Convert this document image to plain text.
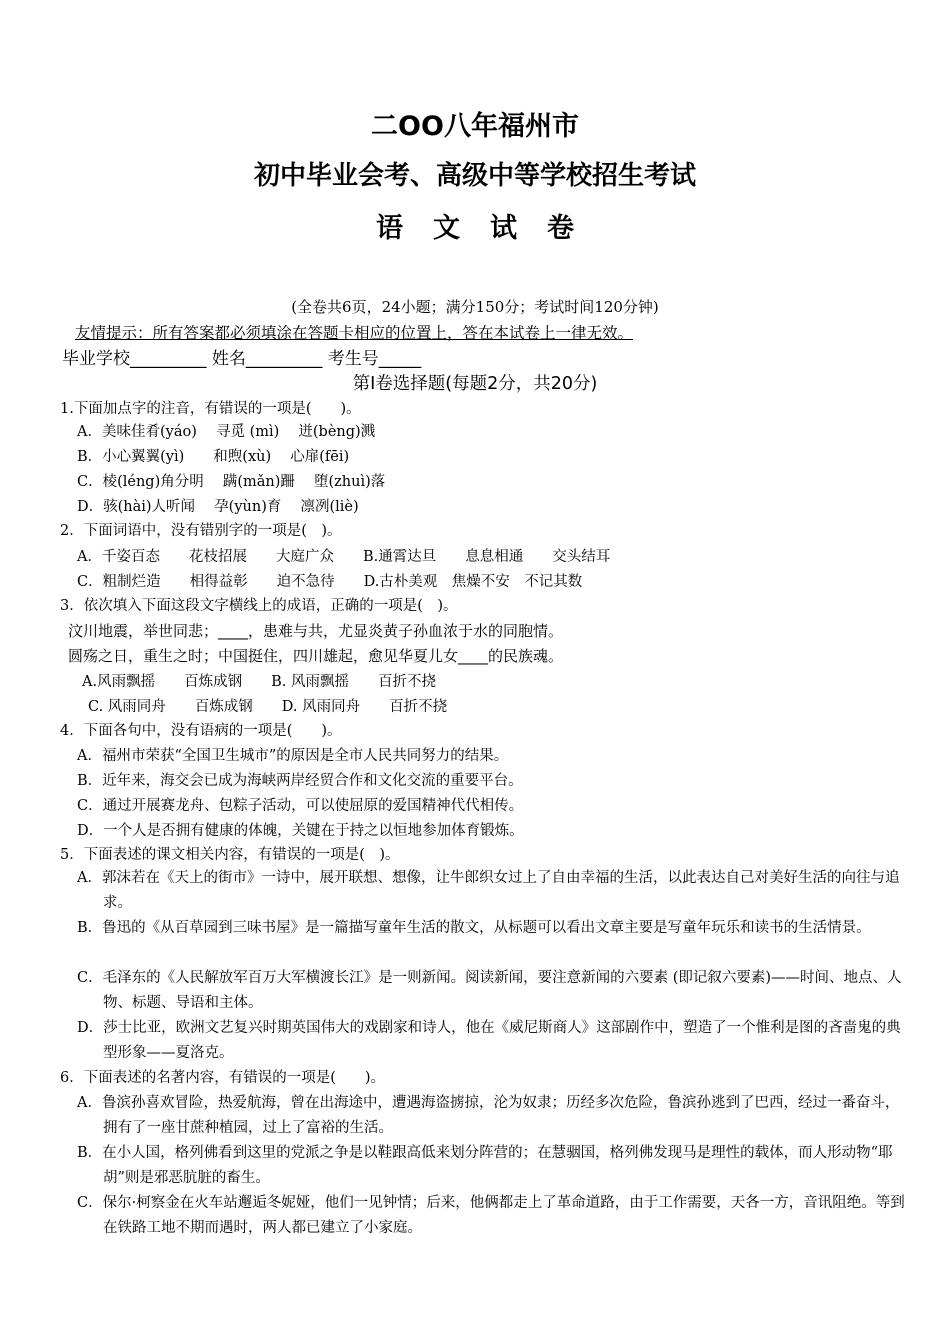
二OO八年福州市
初中毕业会考、高级中等学校招生考试
语文试卷
(全卷共6页，24小题；满分150分；考试时间120分钟)
友情提示：所有答案都必须填涂在答题卡相应的位置上，答在本试卷上一律无效。
毕业学校_________ 姓名_________ 考生号_____
第Ⅰ卷选择题(每题2分，共20分)
1.下面加点字的注音，有错误的一项是(　　)。
A．美味佳肴(yáo)　 寻觅 (mì)　 迸(bèng)溅
B．小心翼翼(yì)　　和煦(xù)　 心扉(fēi)
C．棱(léng)角分明　 蹒(mǎn)跚　 堕(zhuì)落
D．骇(hài)人听闻　 孕(yùn)育　 凛冽(liè)
2．下面词语中，没有错别字的一项是(　)。
A．千姿百态　　花枝招展　　大庭广众　　B.通霄达旦　　息息相通　　交头结耳
C．粗制烂造　　相得益彰　　迫不急待　　D.古朴美观　焦燥不安　不记其数
3．依次填入下面这段文字横线上的成语，正确的一项是(　)。
汶川地震，举世同悲；____，患难与共，尤显炎黄子孙血浓于水的同胞情。
圆殇之日，重生之时；中国挺住，四川雄起，愈见华夏儿女____的民族魂。
A.风雨飘摇　　百炼成钢　　B. 风雨飘摇　　百折不挠
C. 风雨同舟　　百炼成钢　　D. 风雨同舟　　百折不挠
4．下面各句中，没有语病的一项是(　　)。
A．福州市荣获“全国卫生城市”的原因是全市人民共同努力的结果。
B．近年来，海交会已成为海峡两岸经贸合作和文化交流的重要平台。
C．通过开展赛龙舟、包粽子活动，可以使屈原的爱国精神代代相传。
D．一个人是否拥有健康的体魄，关键在于持之以恒地参加体育锻炼。
5．下面表述的课文相关内容，有错误的一项是(　)。
A．郭沫若在《天上的街市》一诗中，展开联想、想像，让牛郎织女过上了自由幸福的生活，以此表达自己对美好生活的向往与追求。
B．鲁迅的《从百草园到三味书屋》是一篇描写童年生活的散文，从标题可以看出文章主要是写童年玩乐和读书的生活情景。
C．毛泽东的《人民解放军百万大军横渡长江》是一则新闻。阅读新闻，要注意新闻的六要素 (即记叙六要素)——时间、地点、人物、标题、导语和主体。
D．莎士比亚，欧洲文艺复兴时期英国伟大的戏剧家和诗人，他在《威尼斯商人》这部剧作中，塑造了一个惟利是图的吝啬鬼的典型形象——夏洛克。
6．下面表述的名著内容，有错误的一项是(　　)。
A．鲁滨孙喜欢冒险，热爱航海，曾在出海途中，遭遇海盗掳掠，沦为奴隶；历经多次危险，鲁滨孙逃到了巴西，经过一番奋斗，拥有了一座甘蔗种植园，过上了富裕的生活。
B．在小人国，格列佛看到这里的党派之争是以鞋跟高低来划分阵营的；在慧骃国，格列佛发现马是理性的载体，而人形动物“耶胡”则是邪恶肮脏的畜生。
C．保尔·柯察金在火车站邂逅冬妮娅，他们一见钟情；后来，他俩都走上了革命道路，由于工作需要，天各一方，音讯阻绝。等到在铁路工地不期而遇时，两人都已建立了小家庭。
